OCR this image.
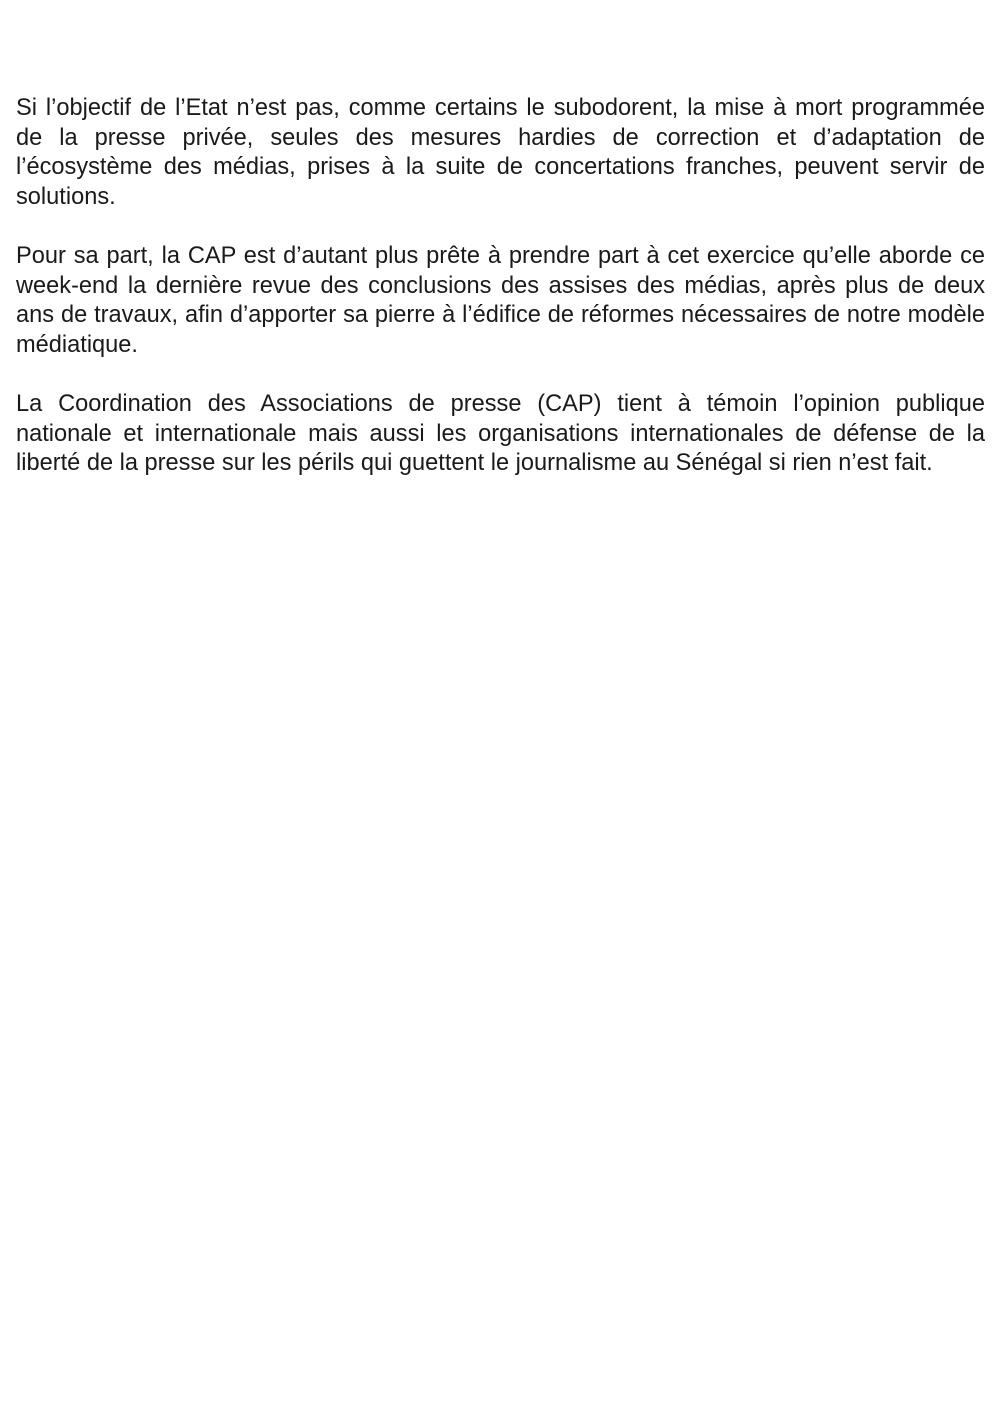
Si l’objectif de l’Etat n’est pas, comme certains le subodorent, la mise à mort programmée de la presse privée, seules des mesures hardies de correction et d’adaptation de l’écosystème des médias, prises à la suite de concertations franches, peuvent servir de solutions.

Pour sa part, la CAP est d’autant plus prête à prendre part à cet exercice qu’elle aborde ce week-end la dernière revue des conclusions des assises des médias, après plus de deux ans de travaux, afin d’apporter sa pierre à l’édifice de réformes nécessaires de notre modèle médiatique.

La Coordination des Associations de presse (CAP) tient à témoin l’opinion publique nationale et internationale mais aussi les organisations internationales de défense de la liberté de la presse sur les périls qui guettent le journalisme au Sénégal si rien n’est fait.
